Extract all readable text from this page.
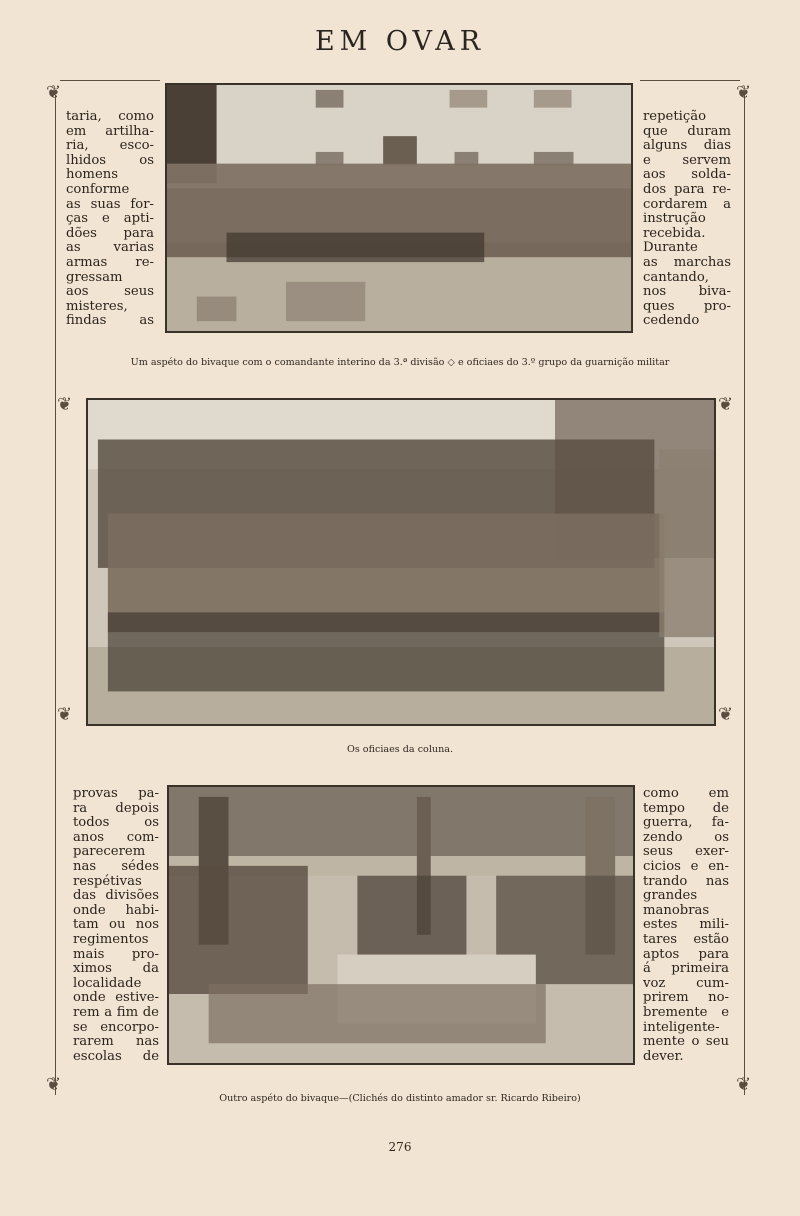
EM OVAR
❦	❦
❦	❦
❦	❦
❦	❦
taria, como
em artilha-
ria, esco-
lhidos os
homens
conforme
as suas for-
ças e apti-
dões para
as varias
armas re-
gressam
aos seus
misteres,
findas as
repetição
que duram
alguns dias
e servem
aos solda-
dos para re-
cordarem a
instrução
recebida.
Durante
as marchas
cantando,
nos biva-
ques pro-
cedendo
Um aspéto do bivaque com o comandante interino da 3.ª divisão ◇ e oficiaes do 3.º grupo da guarnição militar
Os oficiaes da coluna.
provas pa-
ra depois
todos os
anos com-
parecerem
nas sédes
respétivas
das divisões
onde habi-
tam ou nos
regimentos
mais pro-
ximos da
localidade
onde estive-
rem a fim de
se encorpo-
rarem nas
escolas de
como em
tempo de
guerra, fa-
zendo os
seus exer-
cicios e en-
trando nas
grandes
manobras
estes mili-
tares estão
aptos para
á primeira
voz cum-
prirem no-
bremente e
inteligente-
mente o seu
dever.
Outro aspéto do bivaque—(Clichés do distinto amador sr. Ricardo Ribeiro)
276
